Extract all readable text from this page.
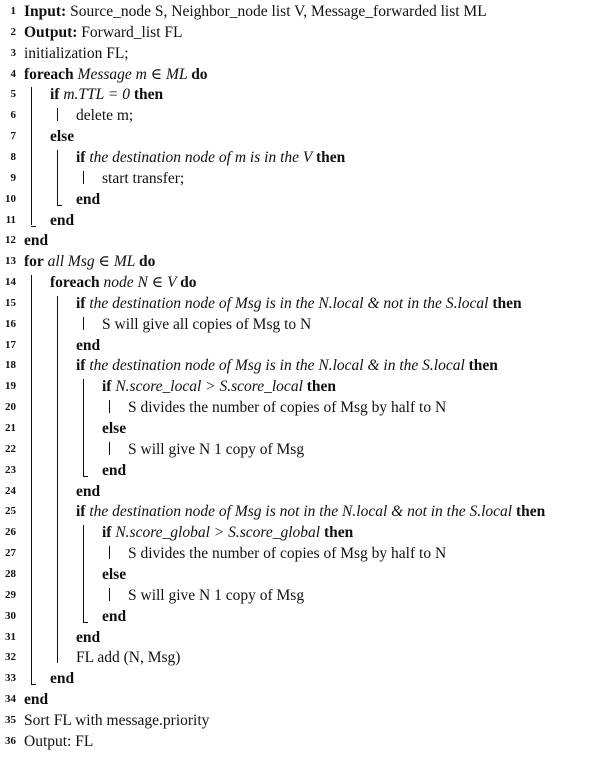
1 Input: Source_node S, Neighbor_node list V, Message_forwarded list ML
2 Output: Forward_list FL
3 initialization FL;
4 foreach Message m ∈ ML do
5 if m.TTL = 0 then
6	delete m;
7 else
8	if the destination node of m is in the V then
9	start transfer;
10	end
11 end
12 end
13 for all Msg ∈ ML do
14 foreach node N ∈ V do
15	if the destination node of Msg is in the N.local & not in the S.local then
16	S will give all copies of Msg to N
17	end
18	if the destination node of Msg is in the N.local & in the S.local then
19	if N.score_local > S.score_local then
20	S divides the number of copies of Msg by half to N
21	else
22	S will give N 1 copy of Msg
23	end
24	end
25	if the destination node of Msg is not in the N.local & not in the S.local then
26	if N.score_global > S.score_global then
27	S divides the number of copies of Msg by half to N
28	else
29	S will give N 1 copy of Msg
30	end
31	end
32	FL add (N, Msg)
33 end
34 end
35 Sort FL with message.priority
36 Output: FL
